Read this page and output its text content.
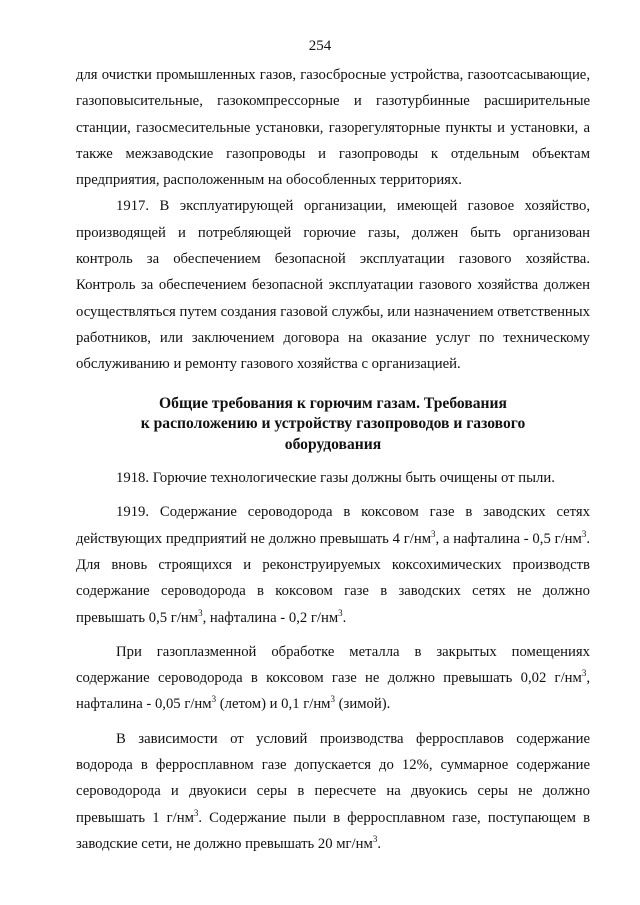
254

для очистки промышленных газов, газосбросные устройства, газоотсасывающие, газоповысительные, газокомпрессорные и газотурбинные расширительные станции, газосмесительные установки, газорегуляторные пункты и установки, а также межзаводские газопроводы и газопроводы к отдельным объектам предприятия, расположенным на обособленных территориях.

1917. В эксплуатирующей организации, имеющей газовое хозяйство, производящей и потребляющей горючие газы, должен быть организован контроль за обеспечением безопасной эксплуатации газового хозяйства. Контроль за обеспечением безопасной эксплуатации газового хозяйства должен осуществляться путем создания газовой службы, или назначением ответственных работников, или заключением договора на оказание услуг по техническому обслуживанию и ремонту газового хозяйства с организацией.

Общие требования к горючим газам. Требования
к расположению и устройству газопроводов и газового
оборудования

1918. Горючие технологические газы должны быть очищены от пыли.

1919. Содержание сероводорода в коксовом газе в заводских сетях действующих предприятий не должно превышать 4 $г/нм^3$, а нафталина - 0,5 $г/нм^3$. Для вновь строящихся и реконструируемых коксохимических производств содержание сероводорода в коксовом газе в заводских сетях не должно превышать 0,5 $г/нм^3$, нафталина - 0,2 $г/нм^3$.

При газоплазменной обработке металла в закрытых помещениях содержание сероводорода в коксовом газе не должно превышать 0,02 $г/нм^3$, нафталина - 0,05 $г/нм^3$ (летом) и 0,1 $г/нм^3$ (зимой).

В зависимости от условий производства ферросплавов содержание водорода в ферросплавном газе допускается до 12%, суммарное содержание сероводорода и двуокиси серы в пересчете на двуокись серы не должно превышать 1 $г/нм^3$. Содержание пыли в ферросплавном газе, поступающем в заводские сети, не должно превышать 20 $мг/нм^3$.
